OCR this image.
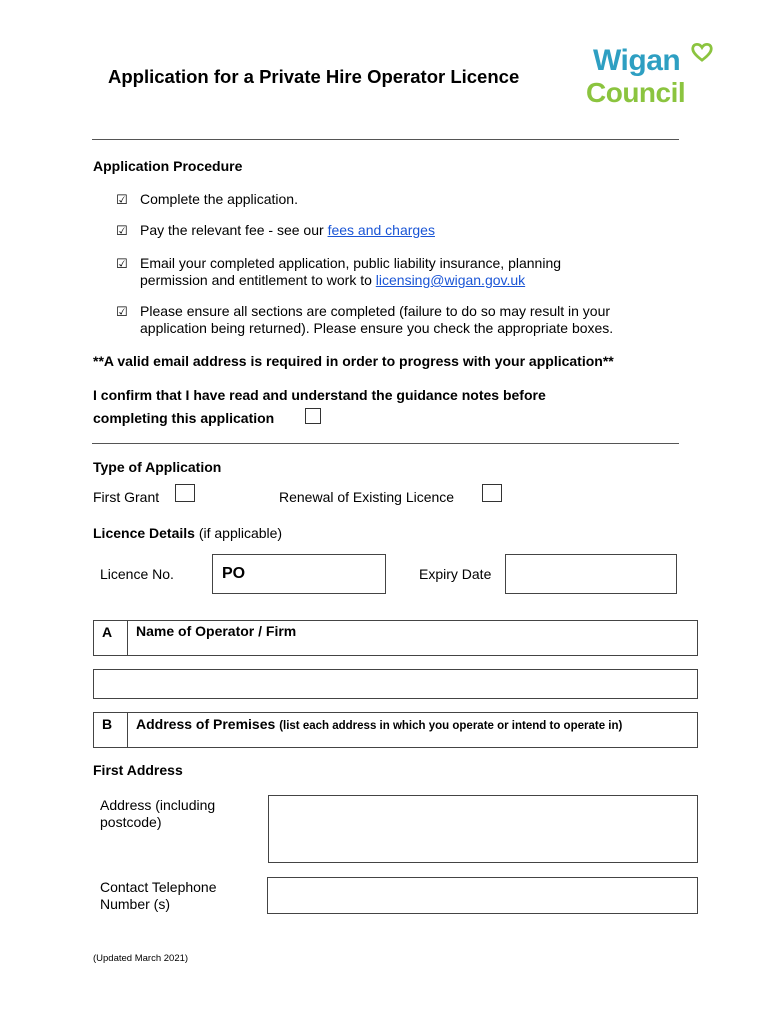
Application for a Private Hire Operator Licence Wigan
Council
Application Procedure
☑ Complete the application.
☑ Pay the relevant fee - see our fees and charges
☑ Email your completed application, public liability insurance, planning
permission and entitlement to work to licensing@wigan.gov.uk
☑ Please ensure all sections are completed (failure to do so may result in your
application being returned). Please ensure you check the appropriate boxes.
**A valid email address is required in order to progress with your application**
I confirm that I have read and understand the guidance notes before
completing this application
Type of Application
First Grant	Renewal of Existing Licence
Licence Details (if applicable)
Licence No.	PO	Expiry Date
A	Name of Operator / Firm
B	Address of Premises (list each address in which you operate or intend to operate in)
First Address
Address (including
postcode)
Contact Telephone
Number (s)
(Updated March 2021)
